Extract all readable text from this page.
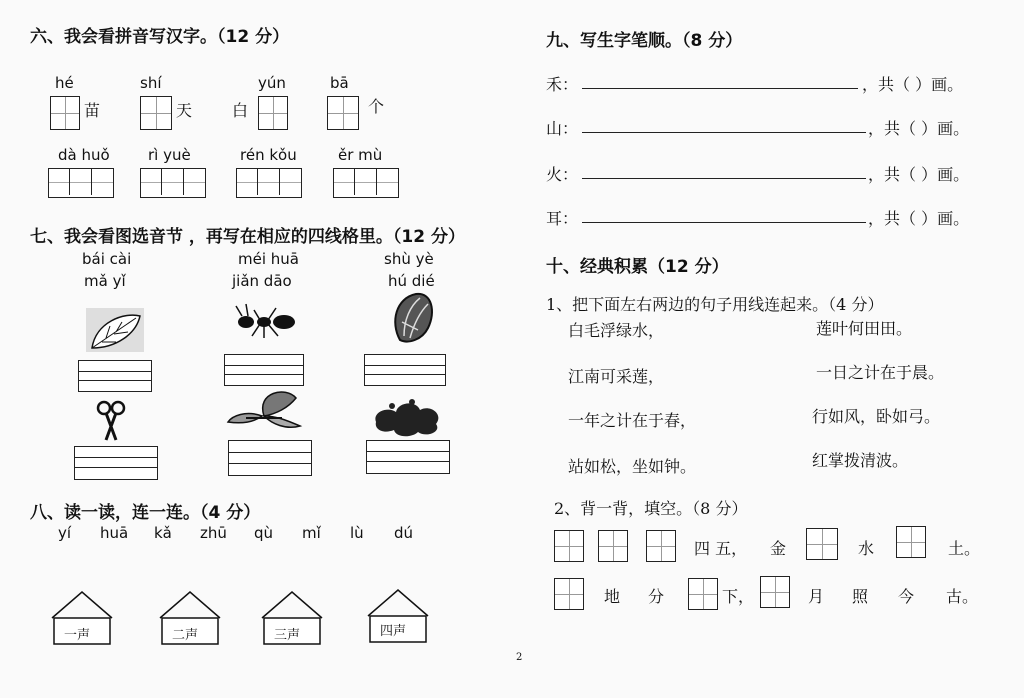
六、我会看拼音写汉字。（12 分）
hé
苗
shí
天
yún
白
bā
个
dà huǒ	rì yuè	rén kǒu	ěr mù
七、我会看图选音节 ，再写在相应的四线格里。（12 分）
bái cài
mǎ yǐ
méi huā
jiǎn dāo
shù yè
hú dié
八、读一读，连一连。（4 分）
yí huā kǎ zhū qù mǐ lù dú
一声	二声	三声	四声
2
九、写生字笔顺。（8 分）
禾：	，共（ ）画。
山：	，共（ ）画。
火：	，共（ ）画。
耳：	，共（ ）画。
十、经典积累（12 分）
1、把下面左右两边的句子用线连起来。（4 分）
白毛浮绿水，	莲叶何田田。
江南可采莲，	一日之计在于晨。
一年之计在于春，	行如风，卧如弓。
站如松，坐如钟。	红掌拨清波。
2、背一背，填空。（8 分）
四 五， 金	水	土。
地 分	下，	月 照 今 古。
